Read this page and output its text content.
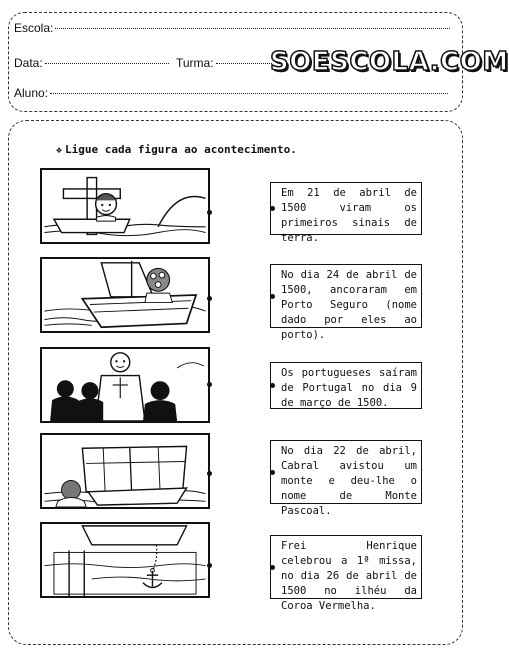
Escola:
Data:	Turma:
Aluno:
SOESCOLA.COM
❖ Ligue cada figura ao acontecimento.
Em 21 de abril de 1500 viram os primeiros sinais de terra.
No dia 24 de abril de 1500, ancoraram em Porto Seguro (nome dado por eles ao porto).
Os portugueses saíram de Portugal no dia 9 de março de 1500.
No dia 22 de abril, Cabral avistou um monte e deu-lhe o nome de Monte Pascoal.
Frei Henrique celebrou a 1ª missa, no dia 26 de abril de 1500 no ilhéu da Coroa Vermelha.
